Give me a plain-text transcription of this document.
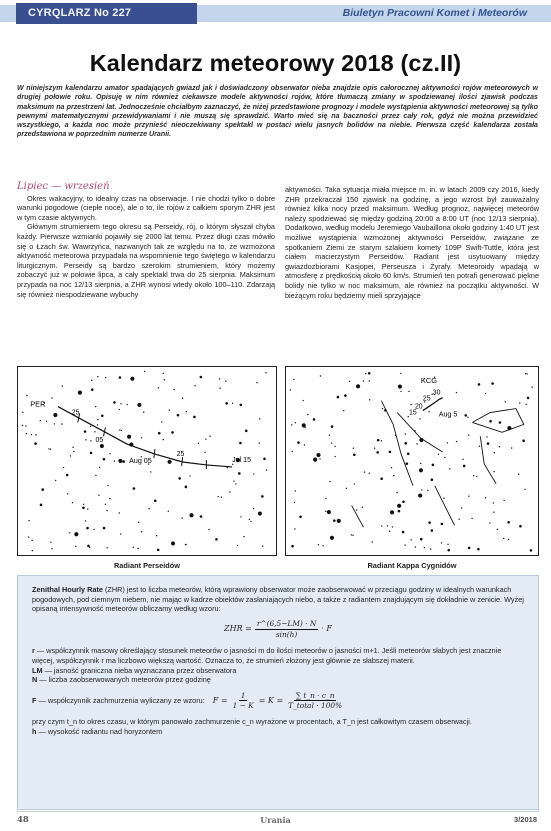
CYRQLARZ No 227	Biuletyn Pracowni Komet i Meteorów
Kalendarz meteorowy 2018 (cz.II)

W niniejszym kalendarzu amator spadających gwiazd jak i doświadczony obserwator nieba znajdzie opis całorocznej aktywności rojów meteorowych w drugiej połowie roku. Opisuję w nim również ciekawsze modele aktywności rojów, które tłumaczą zmiany w spodziewanej ilości zjawisk podczas maksimum na przestrzeni lat. Jednocześnie chciałbym zaznaczyć, że niżej przedstawione prognozy i modele wystąpienia aktywności meteorowej są tylko pewnymi matematycznymi przewidywaniami i nie muszą się sprawdzić. Warto mieć się na baczności przez cały rok, gdyż nie można przewidzieć wszystkiego, a każda noc może przynieść nieoczekiwany spektakl w postaci wielu jasnych bolidów na niebie. Pierwsza część kalendarza została przedstawiona w poprzednim numerze Uranii.

Lipiec — wrzesień

Okres wakacyjny, to idealny czas na obserwacje. I nie chodzi tylko o dobre warunki pogodowe (ciepłe noce), ale o to, ile rojów z całkiem sporym ZHR jest w tym czasie aktywnych.

Głównym strumieniem tego okresu są Perseidy, rój, o którym słyszał chyba każdy. Pierwsze wzmianki pojawiły się 2000 lat temu. Przez długi czas mówiło się o Łzach św. Wawrzyńca, nazwanych tak ze względu na to, że wzmożona aktywność meteorowa przypadała na wspomnienie tego świętego w kalendarzu liturgicznym. Perseidy są bardzo szerokim strumieniem, który możemy zobaczyć już w połowie lipca, a cały spektakl trwa do 25 sierpnia. Maksimum przypada na noc 12/13 sierpnia, a ZHR wynosi wtedy około 100–110. Zdarzają się również niespodziewane wybuchy

aktywności. Taka sytuacja miała miejsce m. in. w latach 2009 czy 2016, kiedy ZHR przekraczał 150 zjawisk na godzinę, a jego wzrost był zauważalny również kilka nocy przed maksimum. Według prognoz, najwięcej meteorów należy spodziewać się między godziną 20:00 a 8:00 UT (noc 12/13 sierpnia). Dodatkowo, według modelu Jeremiego Vaubaillona około godziny 1:40 UT jest możliwe wystąpienia wzmożonej aktywności Perseidów, związane ze spotkaniem Ziemi ze starym szlakiem komety 109P Swift-Tuttle, która jest ciałem macierzystym Perseidów. Radiant jest usytuowany między gwiazdozbiorami Kasjopei, Perseusza i Żyrafy. Meteoroidy wpadają w atmosferę z prędkością około 60 km/s. Strumień ten potrafi generować piękne bolidy nie tylko w noc maksimum, ale również na początku aktywności. W bieżącym roku będziemy mieli sprzyjające

PER
25
05
25
Aug 05	Jul 15
KCG
30
25
20
15	Aug 5
Radiant Perseidów	Radiant Kappa Cygnidów

Zenithal Hourly Rate (ZHR) jest to liczba meteorów, którą wprawiony obserwator może zaobserwować w przeciągu godziny w idealnych warunkach pogodowych, pod ciemnym niebem, nie mając w kadrze obiektów zasłaniających niebo, a także z radiantem znajdującym się dokładnie w zenicie. Wyżej opisaną intensywność meteorów obliczamy według wzoru:

ZHR = $\frac{r\^{}(6,5-LM) \cdot N}{\sin(h)} \cdot F$

r — współczynnik masowy określający stosunek meteorów o jasności m do ilości meteorów o jasności m+1. Jeśli meteorów słabych jest znacznie więcej, współczynnik r ma liczbowo większą wartość. Oznacza to, że strumień złożony jest głównie ze słabszej materii.

LM — jasność graniczna nieba wyznaczana przez obserwatora

N — liczba zaobserwowanych meteorów przez godzinę

F — współczynnik zachmurzenia wyliczany ze wzoru: $F = \frac{1}{1 - K} = K = \frac{\sum t\_n \cdot c\_n}{\text{T\_total · 100\%}}$

przy czym t_n to okres czasu, w którym panowało zachmurzenie c_n wyrażone w procentach, a T_n jest całkowitym czasem obserwacji.

h — wysokość radiantu nad horyzontem

48	Urania	3/2018
